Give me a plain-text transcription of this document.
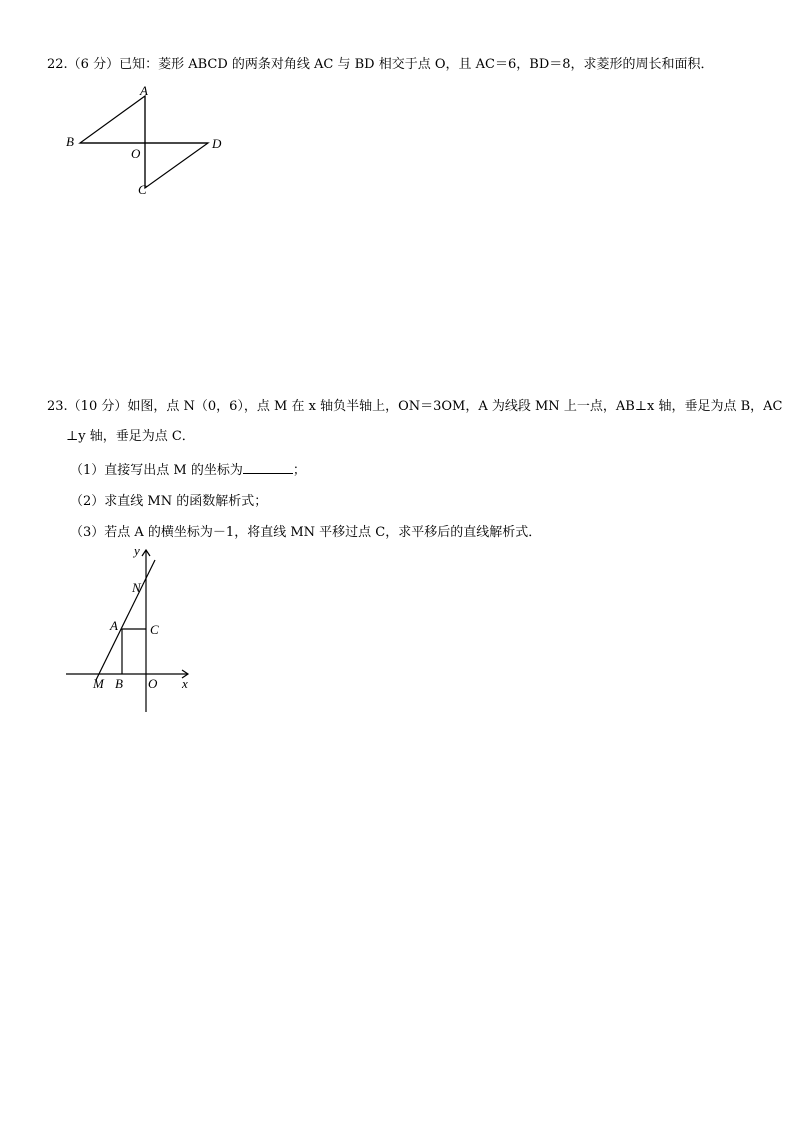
22.（6 分）已知：菱形 ABCD 的两条对角线 AC 与 BD 相交于点 O，且 AC＝6，BD＝8，求菱形的周长和面积．
A
B
O
D
C
23.（10 分）如图，点 N（0，6），点 M 在 x 轴负半轴上，ON＝3OM，A 为线段 MN 上一点，AB⊥x 轴，垂足为点 B，AC
⊥y 轴，垂足为点 C．
（1）直接写出点 M 的坐标为	；
（2）求直线 MN 的函数解析式；
（3）若点 A 的横坐标为－1，将直线 MN 平移过点 C，求平移后的直线解析式．
y
N
A C
M B O x
